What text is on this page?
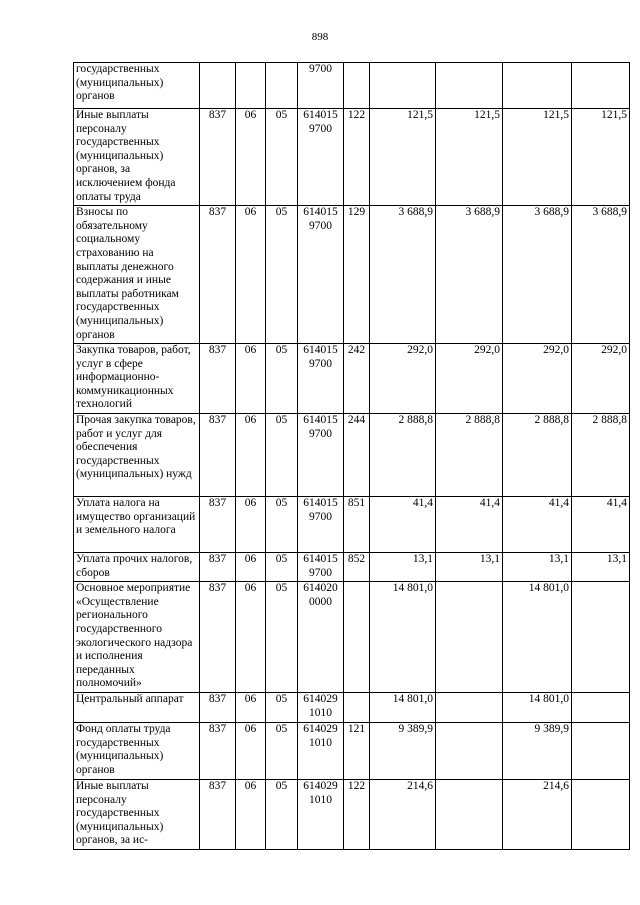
898
государственных (муниципальных) органов				9700					
Иные выплаты персоналу государственных (муниципальных) органов, за исключением фонда оплаты труда	837	06	05	614015 9700	122	121,5	121,5	121,5	121,5
Взносы по обязательному социальному страхованию на выплаты денежного содержания и иные выплаты работникам государственных (муниципальных) органов	837	06	05	614015 9700	129	3 688,9	3 688,9	3 688,9	3 688,9
Закупка товаров, работ, услуг в сфере информационно-коммуникационных технологий	837	06	05	614015 9700	242	292,0	292,0	292,0	292,0
Прочая закупка товаров, работ и услуг для обеспечения государственных (муниципальных) нужд	837	06	05	614015 9700	244	2 888,8	2 888,8	2 888,8	2 888,8
Уплата налога на имущество организаций и земельного налога	837	06	05	614015 9700	851	41,4	41,4	41,4	41,4
Уплата прочих налогов, сборов	837	06	05	614015 9700	852	13,1	13,1	13,1	13,1
Основное мероприятие «Осуществление регионального государственного экологического надзора и исполнения переданных полномочий»	837	06	05	614020 0000		14 801,0		14 801,0	
Центральный аппарат	837	06	05	614029 1010		14 801,0		14 801,0	
Фонд оплаты труда государственных (муниципальных) органов	837	06	05	614029 1010	121	9 389,9		9 389,9	
Иные выплаты персоналу государственных (муниципальных) органов, за ис-	837	06	05	614029 1010	122	214,6		214,6	
